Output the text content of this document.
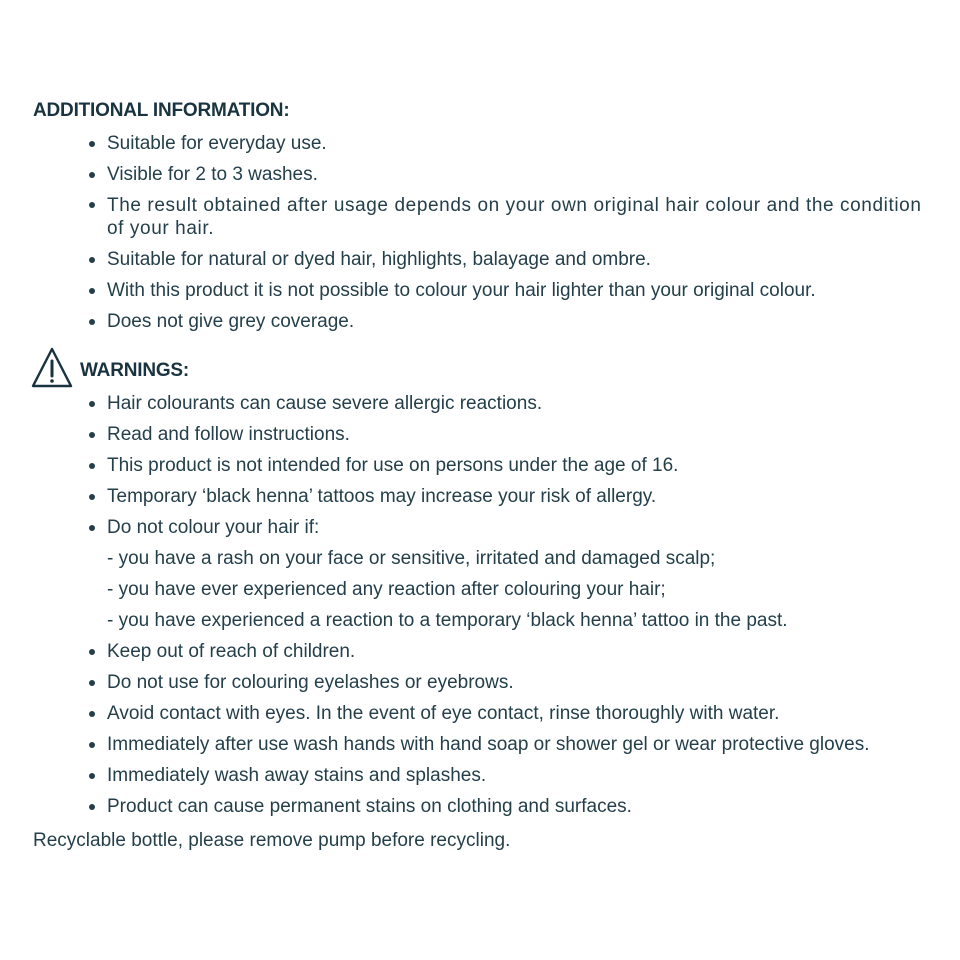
ADDITIONAL INFORMATION:
Suitable for everyday use.
Visible for 2 to 3 washes.
The result obtained after usage depends on your own original hair colour and the condition of your hair.
Suitable for natural or dyed hair, highlights, balayage and ombre.
With this product it is not possible to colour your hair lighter than your original colour.
Does not give grey coverage.
WARNINGS:
Hair colourants can cause severe allergic reactions.
Read and follow instructions.
This product is not intended for use on persons under the age of 16.
Temporary ‘black henna’ tattoos may increase your risk of allergy.
Do not colour your hair if:
- you have a rash on your face or sensitive, irritated and damaged scalp;
- you have ever experienced any reaction after colouring your hair;
- you have experienced a reaction to a temporary ‘black henna’ tattoo in the past.
Keep out of reach of children.
Do not use for colouring eyelashes or eyebrows.
Avoid contact with eyes. In the event of eye contact, rinse thoroughly with water.
Immediately after use wash hands with hand soap or shower gel or wear protective gloves.
Immediately wash away stains and splashes.
Product can cause permanent stains on clothing and surfaces.
Recyclable bottle, please remove pump before recycling.
